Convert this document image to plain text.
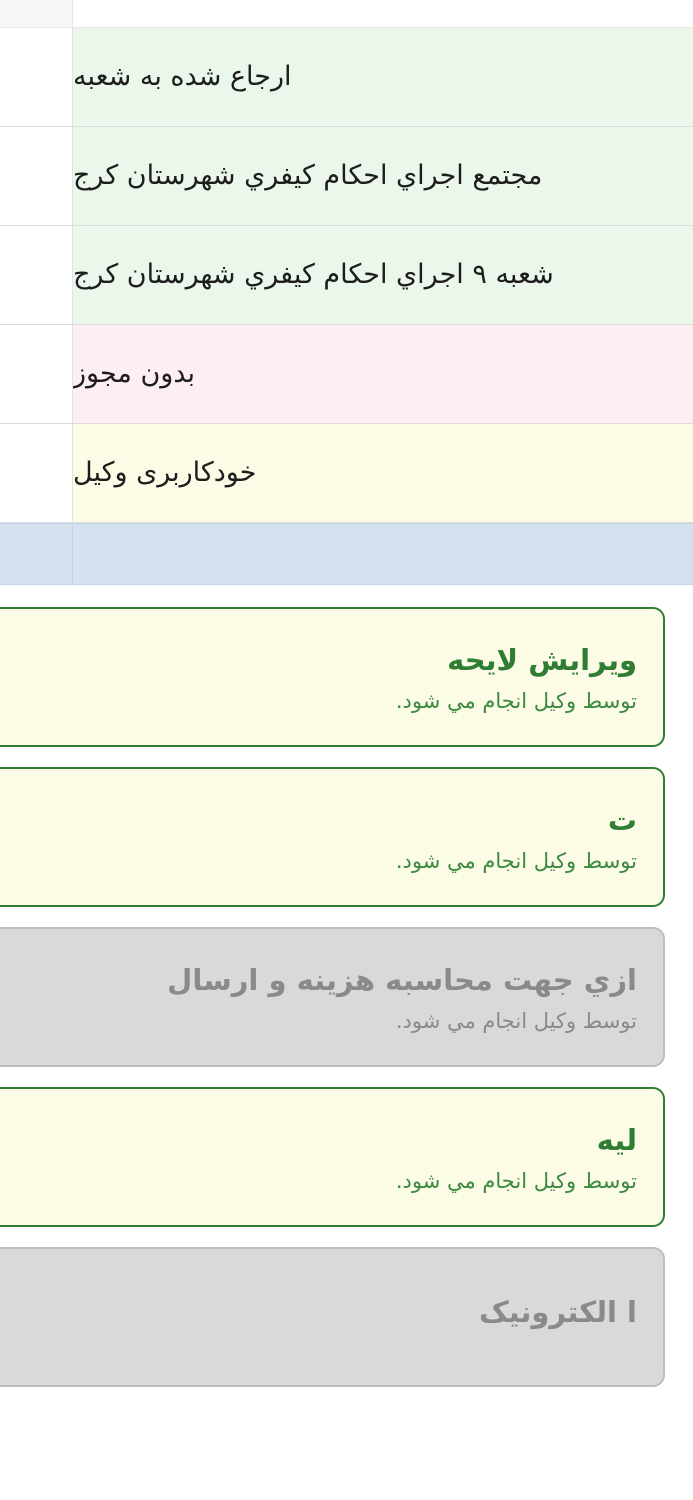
ارجاع شده به شعبه
مجتمع اجراي احكام كيفري شهرستان كرج
شعبه ۹ اجراي احكام كيفري شهرستان كرج
بدون مجوز
خودکاربری وکیل
ویرایش لایحه
توسط وکیل انجام مي شود.
ت
توسط وکیل انجام مي شود.
ازي جهت محاسبه هزینه و ارسال
توسط وکیل انجام مي شود.
لیه
توسط وکیل انجام مي شود.
ا الکترونیک
